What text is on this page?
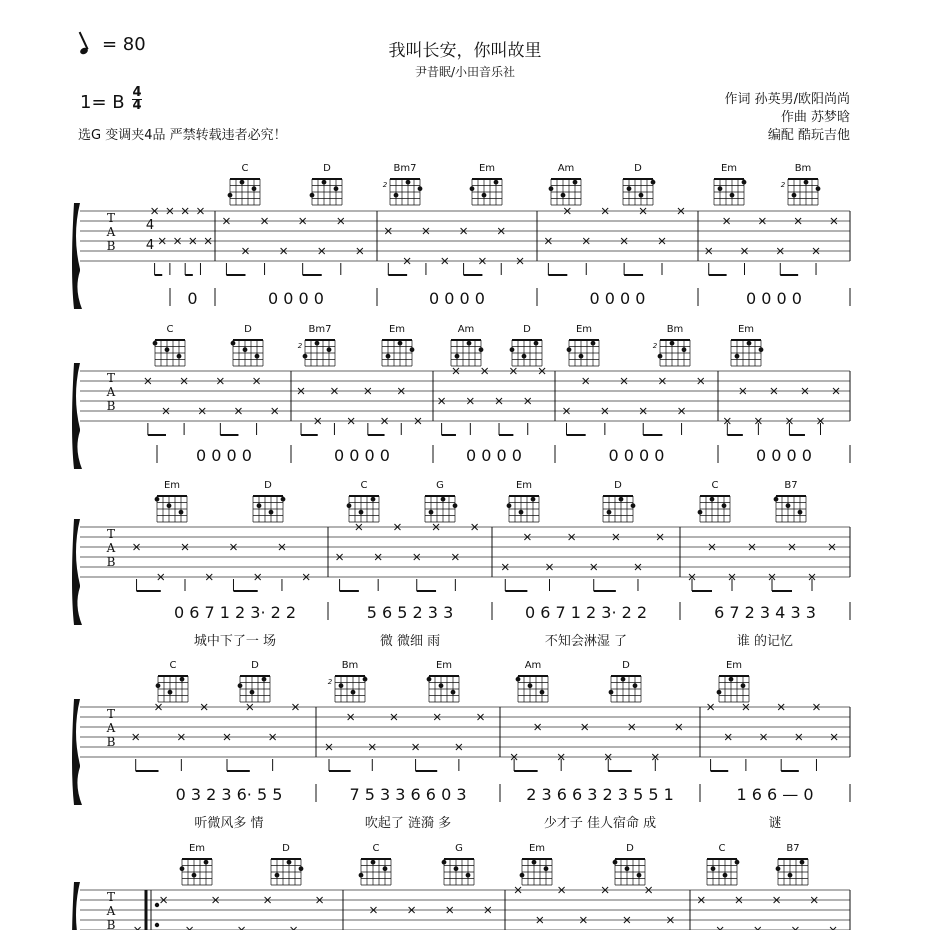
= 80	我叫长安，你叫故里
尹昔眠/小田音乐社
1= B 4
4	作词 孙英男/欧阳尚尚
作曲 苏梦晗
编配 酷玩吉他
选G 变调夹4品 严禁转载违者必究！
C	D	Bm7
2
Em	Am	D	Em	Bm
2
T
A
B
4
4
0	0 0 0 0	0 0 0 0	0 0 0 0	0 0 0 0
C	D	Bm7
2
Em	Am	D	Em	Bm
2
Em
T
A
B
0 0 0 0	0 0 0 0	0 0 0 0	0 0 0 0	0 0 0 0
Em	D	C	G	Em	D	C	B7
T
A
B
0 6 7 1 2 3· 2 2	5 6 5 2 3 3	0 6 7 1 2 3· 2 2	6 7 2 3 4 3 3
城中下了一 场	微 微细 雨	不知会淋湿 了	谁 的记忆
C	D	Bm
2
Em	Am	D	Em
T
A
B
0 3 2 3 6· 5 5	7 5 3 3 6 6 0 3	2 3 6 6 3 2 3 5 5 1	1 6 6 — 0
听微风多 情	吹起了 涟漪 多	少才子 佳人宿命 成	谜
Em	D	C	G	Em	D	C	B7
T
A
B
